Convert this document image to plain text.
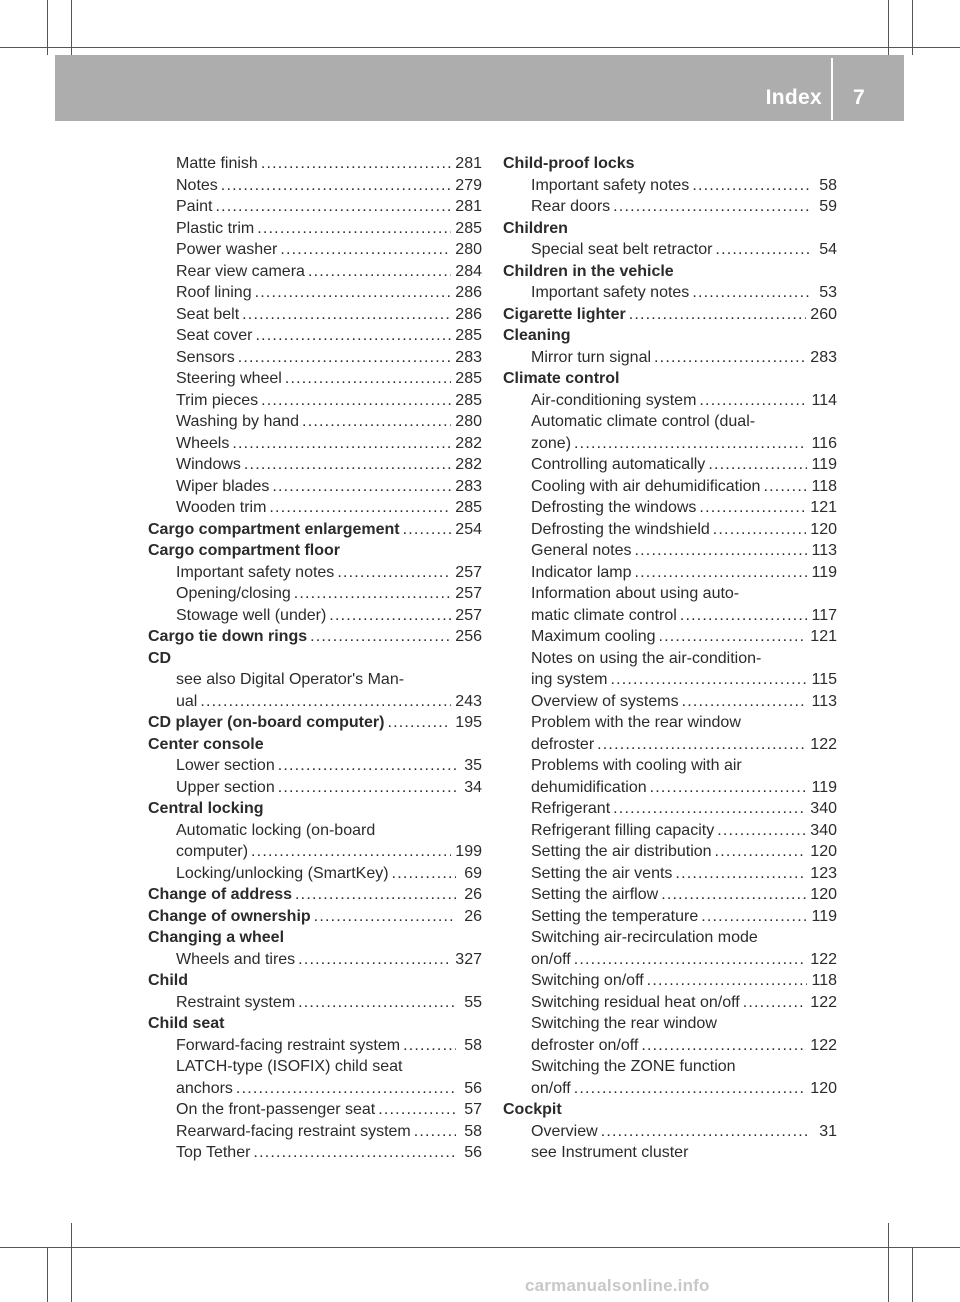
Index 7
Matte finish .....	281
Notes .....	279
Paint .....	281
Plastic trim .....	285
Power washer .....	280
Rear view camera .....	284
Roof lining .....	286
Seat belt .....	286
Seat cover .....	285
Sensors .....	283
Steering wheel .....	285
Trim pieces .....	285
Washing by hand .....	280
Wheels .....	282
Windows .....	282
Wiper blades .....	283
Wooden trim .....	285
Cargo compartment enlargement .....	254
Cargo compartment floor
Important safety notes .....	257
Opening/closing .....	257
Stowage well (under) .....	257
Cargo tie down rings .....	256
CD
see also Digital Operator's Man-
ual .....	243
CD player (on-board computer) .....	195
Center console
Lower section .....	35
Upper section .....	34
Central locking
Automatic locking (on-board
computer) .....	199
Locking/unlocking (SmartKey) .....	69
Change of address .....	26
Change of ownership .....	26
Changing a wheel
Wheels and tires .....	327
Child
Restraint system .....	55
Child seat
Forward-facing restraint system .....	58
LATCH-type (ISOFIX) child seat
anchors .....	56
On the front-passenger seat .....	57
Rearward-facing restraint system .....	58
Top Tether .....	56
Child-proof locks
Important safety notes .....	58
Rear doors .....	59
Children
Special seat belt retractor .....	54
Children in the vehicle
Important safety notes .....	53
Cigarette lighter .....	260
Cleaning
Mirror turn signal .....	283
Climate control
Air-conditioning system .....	114
Automatic climate control (dual-
zone) .....	116
Controlling automatically .....	119
Cooling with air dehumidification .....	118
Defrosting the windows .....	121
Defrosting the windshield .....	120
General notes .....	113
Indicator lamp .....	119
Information about using auto-
matic climate control .....	117
Maximum cooling .....	121
Notes on using the air-condition-
ing system .....	115
Overview of systems .....	113
Problem with the rear window
defroster .....	122
Problems with cooling with air
dehumidification .....	119
Refrigerant .....	340
Refrigerant filling capacity .....	340
Setting the air distribution .....	120
Setting the air vents .....	123
Setting the airflow .....	120
Setting the temperature .....	119
Switching air-recirculation mode
on/off .....	122
Switching on/off .....	118
Switching residual heat on/off .....	122
Switching the rear window
defroster on/off .....	122
Switching the ZONE function
on/off .....	120
Cockpit
Overview .....	31
see Instrument cluster
carmanualsonline.info
